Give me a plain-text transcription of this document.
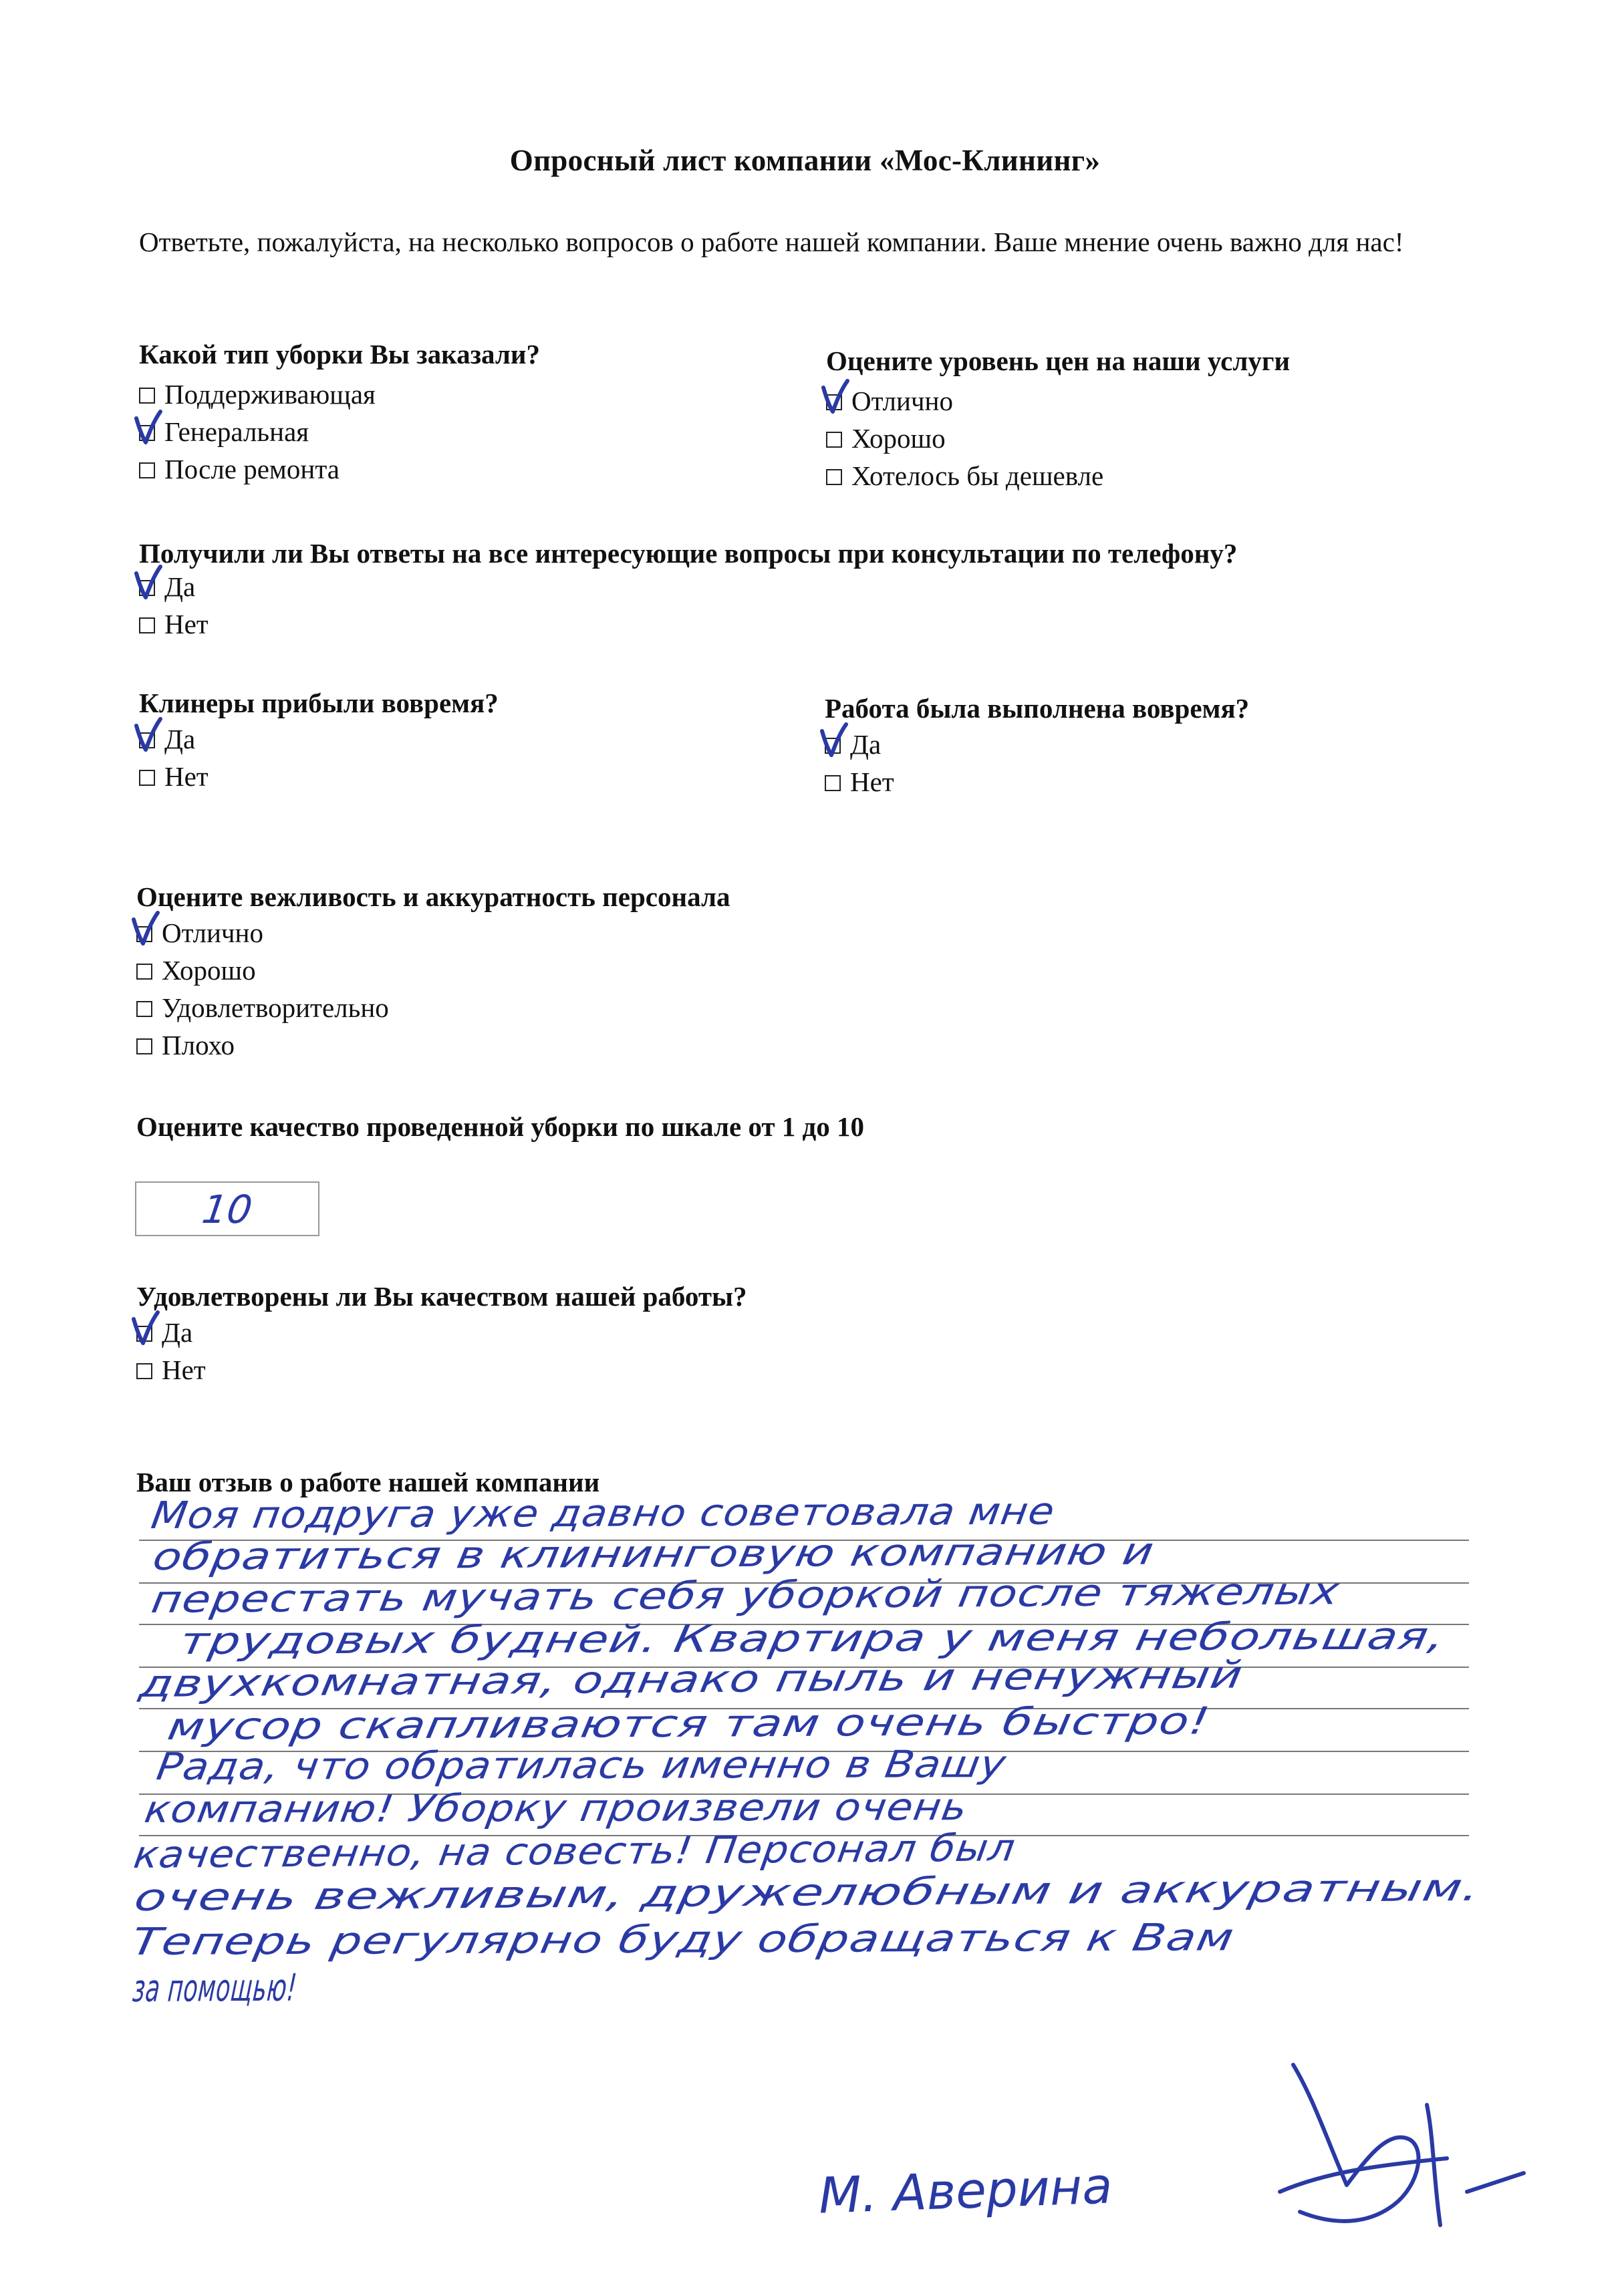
Опросный лист компании «Мос-Клининг»
Ответьте, пожалуйста, на несколько вопросов о работе нашей компании. Ваше мнение очень важно для нас!
Какой тип уборки Вы заказали?
Поддерживающая
Генеральная
После ремонта
Оцените уровень цен на наши услуги
Отлично
Хорошо
Хотелось бы дешевле
Получили ли Вы ответы на все интересующие вопросы при консультации по телефону?
Да
Нет
Клинеры прибыли вовремя?
Да
Нет
Работа была выполнена вовремя?
Да
Нет
Оцените вежливость и аккуратность персонала
Отлично
Хорошо
Удовлетворительно
Плохо
Оцените качество проведенной уборки по шкале от 1 до 10
10
Удовлетворены ли Вы качеством нашей работы?
Да
Нет
Ваш отзыв о работе нашей компании
Моя подруга уже давно советовала мне
обратиться в клининговую компанию и
перестать мучать себя уборкой после тяжелых
трудовых будней. Квартира у меня небольшая,
двухкомнатная, однако пыль и ненужный
мусор скапливаются там очень быстро!
Рада, что обратилась именно в Вашу
компанию! Уборку произвели очень
качественно, на совесть! Персонал был
очень вежливым, дружелюбным и аккуратным.
Теперь регулярно буду обращаться к Вам
за помощью!
М. Аверина
